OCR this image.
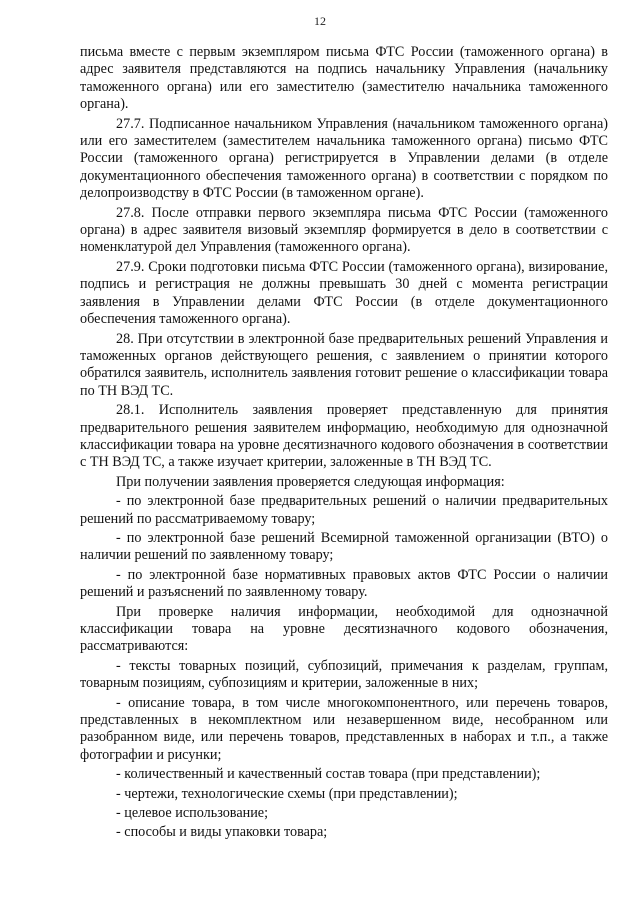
12

письма вместе с первым экземпляром письма ФТС России (таможенного органа) в адрес заявителя представляются на подпись начальнику Управления (начальнику таможенного органа) или его заместителю (заместителю начальника таможенного органа).

27.7. Подписанное начальником Управления (начальником таможенного органа) или его заместителем (заместителем начальника таможенного органа) письмо ФТС России (таможенного органа) регистрируется в Управлении делами (в отделе документационного обеспечения таможенного органа) в соответствии с порядком по делопроизводству в ФТС России (в таможенном органе).

27.8. После отправки первого экземпляра письма ФТС России (таможенного органа) в адрес заявителя визовый экземпляр формируется в дело в соответствии с номенклатурой дел Управления (таможенного органа).

27.9. Сроки подготовки письма ФТС России (таможенного органа), визирование, подпись и регистрация не должны превышать 30 дней с момента регистрации заявления в Управлении делами ФТС России (в отделе документационного обеспечения таможенного органа).

28. При отсутствии в электронной базе предварительных решений Управления и таможенных органов действующего решения, с заявлением о принятии которого обратился заявитель, исполнитель заявления готовит решение о классификации товара по ТН ВЭД ТС.

28.1. Исполнитель заявления проверяет представленную для принятия предварительного решения заявителем информацию, необходимую для однозначной классификации товара на уровне десятизначного кодового обозначения в соответствии с ТН ВЭД ТС, а также изучает критерии, заложенные в ТН ВЭД ТС.

При получении заявления проверяется следующая информация:

- по электронной базе предварительных решений о наличии предварительных решений по рассматриваемому товару;

- по электронной базе решений Всемирной таможенной организации (ВТО) о наличии решений по заявленному товару;

- по электронной базе нормативных правовых актов ФТС России о наличии решений и разъяснений по заявленному товару.

При проверке наличия информации, необходимой для однозначной классификации товара на уровне десятизначного кодового обозначения, рассматриваются:

- тексты товарных позиций, субпозиций, примечания к разделам, группам, товарным позициям, субпозициям и критерии, заложенные в них;

- описание товара, в том числе многокомпонентного, или перечень товаров, представленных в некомплектном или незавершенном виде, несобранном или разобранном виде, или перечень товаров, представленных в наборах и т.п., а также фотографии и рисунки;

- количественный и качественный состав товара (при представлении);

- чертежи, технологические схемы (при представлении);

- целевое использование;

- способы и виды упаковки товара;
